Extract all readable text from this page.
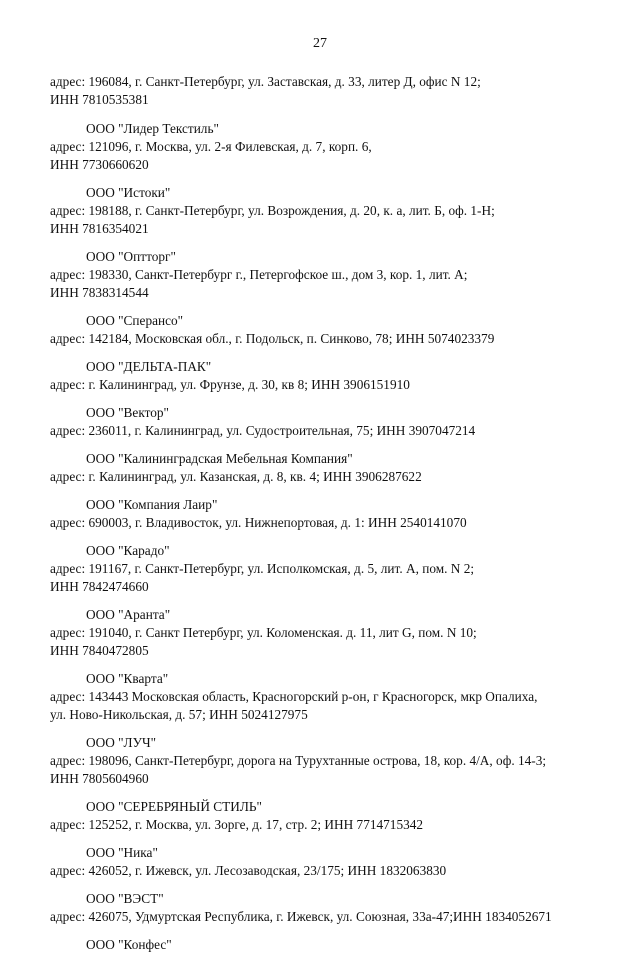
27
адрес: 196084, г. Санкт-Петербург, ул. Заставская, д. 33, литер Д, офис N 12;
ИНН 7810535381
ООО "Лидер Текстиль"
адрес: 121096, г. Москва, ул. 2-я Филевская, д. 7, корп. 6,
ИНН 7730660620
ООО "Истоки"
адрес: 198188, г. Санкт-Петербург, ул. Возрождения, д. 20, к. а, лит. Б, оф. 1-Н;
ИНН 7816354021
ООО "Оптторг"
адрес: 198330, Санкт-Петербург г., Петергофское ш., дом 3, кор. 1, лит. А;
ИНН 7838314544
ООО "Сперансо"
адрес: 142184, Московская обл., г. Подольск, п. Синково, 78; ИНН 5074023379
ООО "ДЕЛЬТА-ПАК"
адрес: г. Калининград, ул. Фрунзе, д. 30, кв 8; ИНН 3906151910
ООО "Вектор"
адрес: 236011, г. Калининград, ул. Судостроительная, 75; ИНН 3907047214
ООО "Калининградская Мебельная Компания"
адрес: г. Калининград, ул. Казанская, д. 8, кв. 4; ИНН 3906287622
ООО "Компания Лаир"
адрес: 690003, г. Владивосток, ул. Нижнепортовая, д. 1: ИНН 2540141070
ООО "Карадо"
адрес: 191167, г. Санкт-Петербург, ул. Исполкомская, д. 5, лит. А, пом. N 2;
ИНН 7842474660
ООО "Аранта"
адрес: 191040, г. Санкт Петербург, ул. Коломенская. д. 11, лит G, пом. N 10;
ИНН 7840472805
ООО "Кварта"
адрес: 143443 Московская область, Красногорский р-он, г Красногорск, мкр Опалиха,
ул. Ново-Никольская, д. 57; ИНН 5024127975
ООО "ЛУЧ"
адрес: 198096, Санкт-Петербург, дорога на Турухтанные острова, 18, кор. 4/А, оф. 14-3;
ИНН 7805604960
ООО "СЕРЕБРЯНЫЙ СТИЛЬ"
адрес: 125252, г. Москва, ул. Зорге, д. 17, стр. 2; ИНН 7714715342
ООО "Ника"
адрес: 426052, г. Ижевск, ул. Лесозаводская, 23/175; ИНН 1832063830
ООО "ВЭСТ"
адрес: 426075, Удмуртская Республика, г. Ижевск, ул. Союзная, 33а-47;ИНН 1834052671
ООО "Конфес"
